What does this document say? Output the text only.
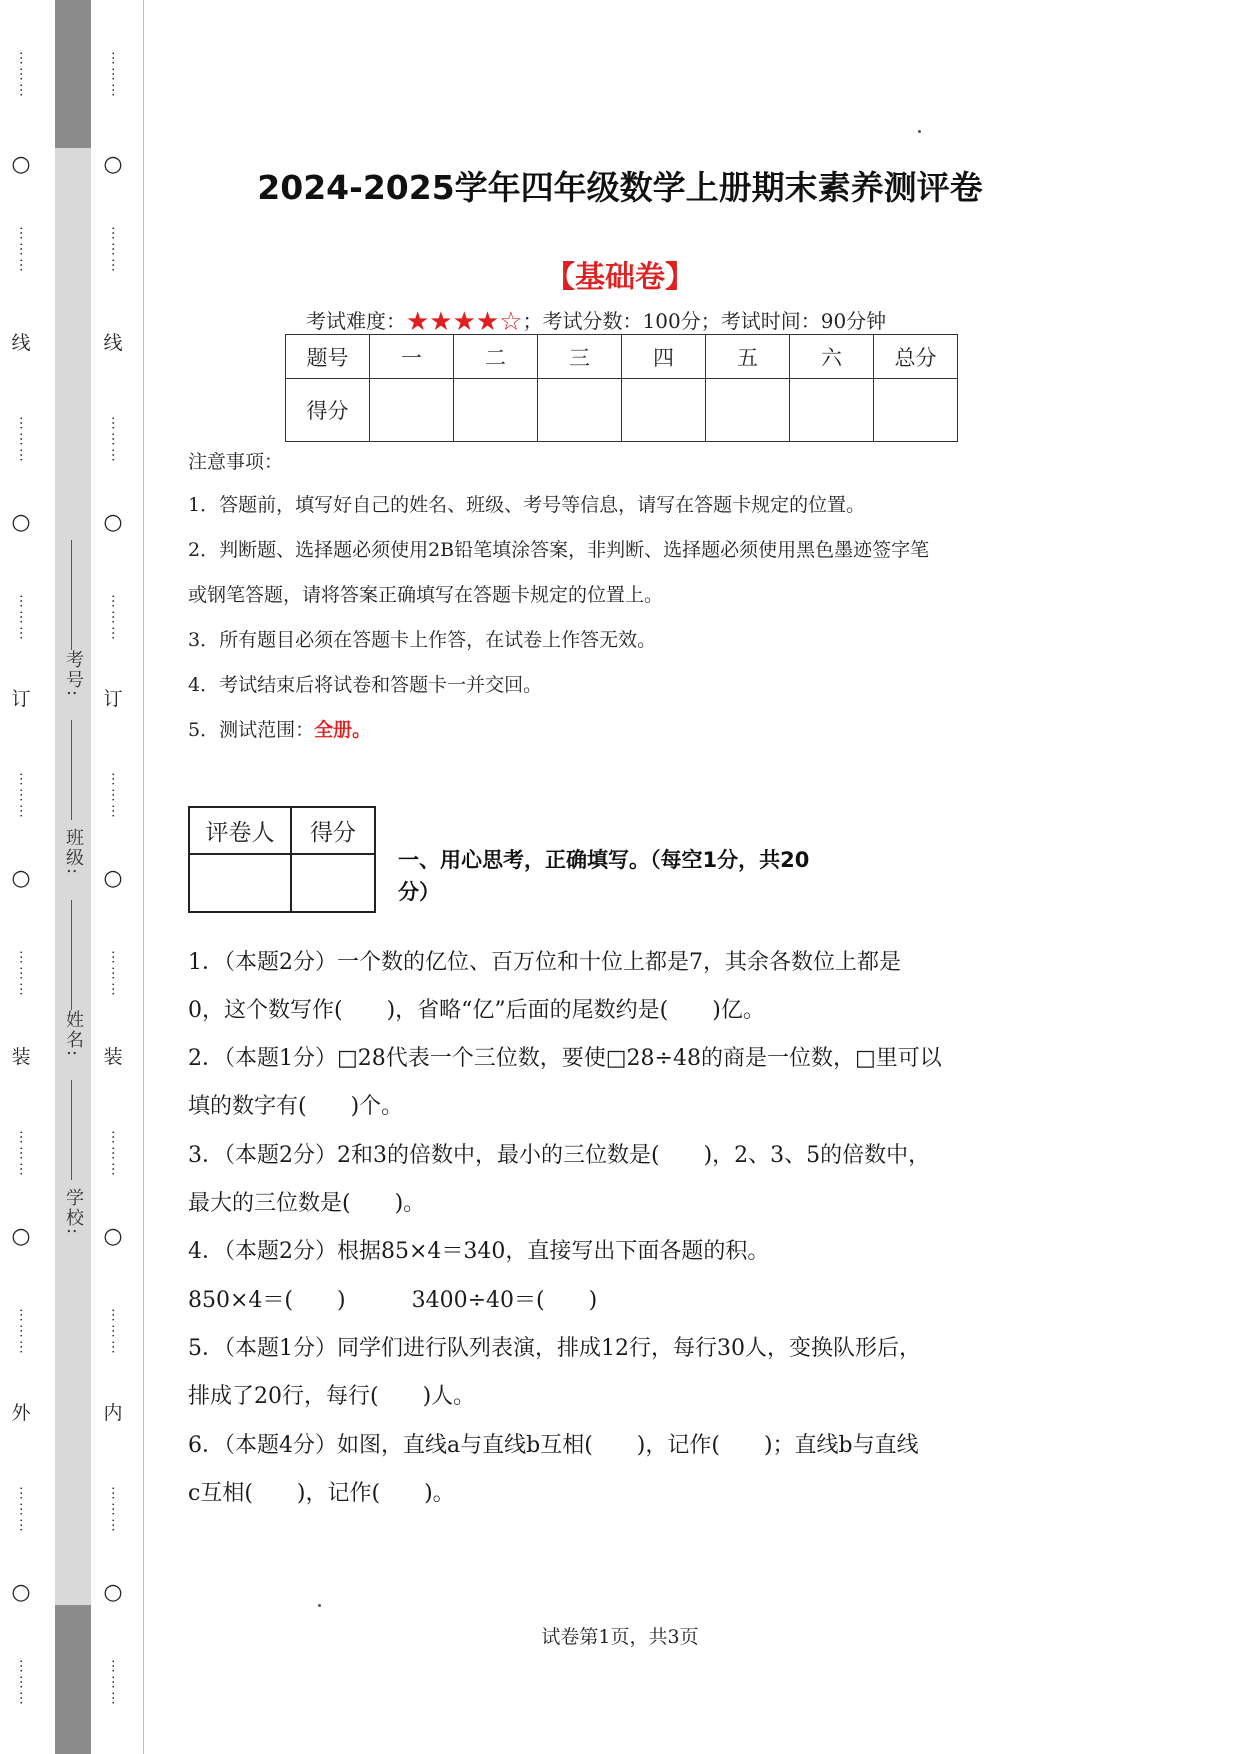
⋯⋯⋯
○
⋯⋯⋯
线
⋯⋯⋯
○
⋯⋯⋯
订
⋯⋯⋯
○
⋯⋯⋯
装
⋯⋯⋯
○
⋯⋯⋯
外
⋯⋯⋯
○
⋯⋯⋯
考号:
班级:
姓名:
学校:
⋯⋯⋯
○
⋯⋯⋯
线
⋯⋯⋯
○
⋯⋯⋯
订
⋯⋯⋯
○
⋯⋯⋯
装
⋯⋯⋯
○
⋯⋯⋯
内
⋯⋯⋯
○
⋯⋯⋯
2024-2025学年四年级数学上册期末素养测评卷
【基础卷】
考试难度：★★★★☆；考试分数：100分；考试时间：90分钟
题号	一	二	三	四	五	六	总分
得分							
注意事项：
1．答题前，填写好自己的姓名、班级、考号等信息，请写在答题卡规定的位置。
2．判断题、选择题必须使用2B铅笔填涂答案，非判断、选择题必须使用黑色墨迹签字笔
或钢笔答题，请将答案正确填写在答题卡规定的位置上。
3．所有题目必须在答题卡上作答，在试卷上作答无效。
4．考试结束后将试卷和答题卡一并交回。
5．测试范围：全册。
评卷人	得分

一、用心思考，正确填写。（每空1分，共20
分）
1．（本题2分）一个数的亿位、百万位和十位上都是7，其余各数位上都是
0，这个数写作(　　)，省略“亿”后面的尾数约是(　　)亿。
2．（本题1分）□28代表一个三位数，要使□28÷48的商是一位数，□里可以
填的数字有(　　)个。
3．（本题2分）2和3的倍数中，最小的三位数是(　　)，2、3、5的倍数中，
最大的三位数是(　　)。
4．（本题2分）根据85×4＝340，直接写出下面各题的积。
850×4＝(　　)　　　3400÷40＝(　　)
5．（本题1分）同学们进行队列表演，排成12行，每行30人，变换队形后，
排成了20行，每行(　　)人。
6．（本题4分）如图，直线a与直线b互相(　　)，记作(　　)；直线b与直线
c互相(　　)，记作(　　)。
试卷第1页，共3页
